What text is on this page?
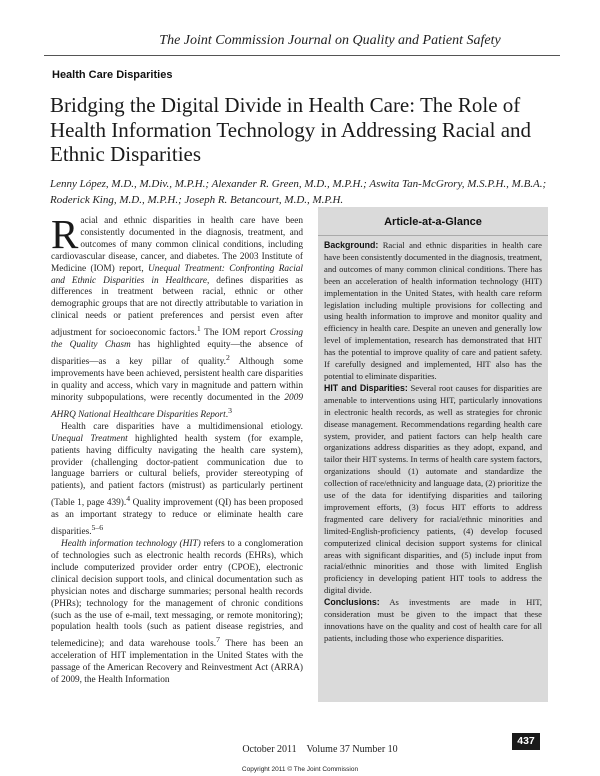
The Joint Commission Journal on Quality and Patient Safety
Health Care Disparities
Bridging the Digital Divide in Health Care: The Role of Health Information Technology in Addressing Racial and Ethnic Disparities
Lenny López, M.D., M.Div., M.P.H.; Alexander R. Green, M.D., M.P.H.; Aswita Tan-McGrory, M.S.P.H., M.B.A.; Roderick King, M.D., M.P.H.; Joseph R. Betancourt, M.D., M.P.H.

Racial and ethnic disparities in health care have been consistently documented in the diagnosis, treatment, and outcomes of many common clinical conditions, including cardiovascular disease, cancer, and diabetes. The 2003 Institute of Medicine (IOM) report, Unequal Treatment: Confronting Racial and Ethnic Disparities in Healthcare, defines disparities as differences in treatment between racial, ethnic or other demographic groups that are not directly attributable to variation in clinical needs or patient preferences and persist even after adjustment for socioeconomic factors.$^1$ The IOM report Crossing the Quality Chasm has highlighted equity—the absence of disparities—as a key pillar of quality.$^2$ Although some improvements have been achieved, persistent health care disparities in quality and access, which vary in magnitude and pattern within minority subpopulations, were recently documented in the 2009 AHRQ National Healthcare Disparities Report.$^3$

Health care disparities have a multidimensional etiology. Unequal Treatment highlighted health system (for example, patients having difficulty navigating the health care system), provider (challenging doctor-patient communication due to language barriers or cultural beliefs, provider stereotyping of patients), and patient factors (mistrust) as particularly pertinent (Table 1, page 439).$^4$ Quality improvement (QI) has been proposed as an important strategy to reduce or eliminate health care disparities.$^{5-6}$

Health information technology (HIT) refers to a conglomeration of technologies such as electronic health records (EHRs), which include computerized provider order entry (CPOE), electronic clinical decision support tools, and clinical documentation such as physician notes and discharge summaries; personal health records (PHRs); technology for the management of chronic conditions (such as the use of e-mail, text messaging, or remote monitoring); population health tools (such as patient disease registries, and telemedicine); and data warehouse tools.$^7$ There has been an acceleration of HIT implementation in the United States with the passage of the American Recovery and Reinvestment Act (ARRA) of 2009, the Health Information

Article-at-a-Glance

Background: Racial and ethnic disparities in health care have been consistently documented in the diagnosis, treatment, and outcomes of many common clinical conditions. There has been an acceleration of health information technology (HIT) implementation in the United States, with health care reform legislation including multiple provisions for collecting and using health information to improve and monitor quality and efficiency in health care. Despite an uneven and generally low level of implementation, research has demonstrated that HIT has the potential to improve quality of care and patient safety. If carefully designed and implemented, HIT also has the potential to eliminate disparities.

HIT and Disparities: Several root causes for disparities are amenable to interventions using HIT, particularly innovations in electronic health records, as well as strategies for chronic disease management. Recommendations regarding health care system, provider, and patient factors can help health care organizations address disparities as they adopt, expand, and tailor their HIT systems. In terms of health care system factors, organizations should (1) automate and standardize the collection of race/ethnicity and language data, (2) prioritize the use of the data for identifying disparities and tailoring improvement efforts, (3) focus HIT efforts to address fragmented care delivery for racial/ethnic minorities and limited-English-proficiency patients, (4) develop focused computerized clinical decision support systems for clinical areas with significant disparities, and (5) include input from racial/ethnic minorities and those with limited English proficiency in developing patient HIT tools to address the digital divide.

Conclusions: As investments are made in HIT, consideration must be given to the impact that these innovations have on the quality and cost of health care for all patients, including those who experience disparities.

October 2011    Volume 37 Number 10
437
Copyright 2011 © The Joint Commission
